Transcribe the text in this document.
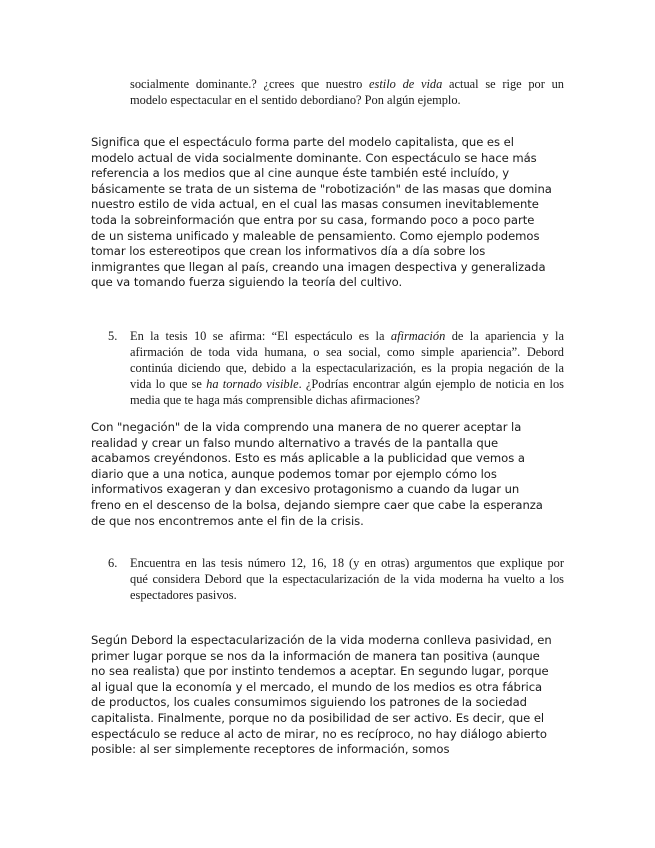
socialmente dominante.? ¿crees que nuestro estilo de vida actual se rige por un
modelo espectacular en el sentido debordiano? Pon algún ejemplo.
Significa que el espectáculo forma parte del modelo capitalista, que es el
modelo actual de vida socialmente dominante. Con espectáculo se hace más
referencia a los medios que al cine aunque éste también esté incluído, y
básicamente se trata de un sistema de "robotización" de las masas que domina
nuestro estilo de vida actual, en el cual las masas consumen inevitablemente
toda la sobreinformación que entra por su casa, formando poco a poco parte
de un sistema unificado y maleable de pensamiento. Como ejemplo podemos
tomar los estereotipos que crean los informativos día a día sobre los
inmigrantes que llegan al país, creando una imagen despectiva y generalizada
que va tomando fuerza siguiendo la teoría del cultivo.
5. En la tesis 10 se afirma: “El espectáculo es la afirmación de la apariencia y la
afirmación de toda vida humana, o sea social, como simple apariencia”. Debord
continúa diciendo que, debido a la espectacularización, es la propia negación de la
vida lo que se ha tornado visible. ¿Podrías encontrar algún ejemplo de noticia en los
media que te haga más comprensible dichas afirmaciones?
Con "negación" de la vida comprendo una manera de no querer aceptar la
realidad y crear un falso mundo alternativo a través de la pantalla que
acabamos creyéndonos. Esto es más aplicable a la publicidad que vemos a
diario que a una notica, aunque podemos tomar por ejemplo cómo los
informativos exageran y dan excesivo protagonismo a cuando da lugar un
freno en el descenso de la bolsa, dejando siempre caer que cabe la esperanza
de que nos encontremos ante el fin de la crisis.
6. Encuentra en las tesis número 12, 16, 18 (y en otras) argumentos que explique por
qué considera Debord que la espectacularización de la vida moderna ha vuelto a los
espectadores pasivos.
Según Debord la espectacularización de la vida moderna conlleva pasividad, en
primer lugar porque se nos da la información de manera tan positiva (aunque
no sea realista) que por instinto tendemos a aceptar. En segundo lugar, porque
al igual que la economía y el mercado, el mundo de los medios es otra fábrica
de productos, los cuales consumimos siguiendo los patrones de la sociedad
capitalista. Finalmente, porque no da posibilidad de ser activo. Es decir, que el
espectáculo se reduce al acto de mirar, no es recíproco, no hay diálogo abierto
posible: al ser simplemente receptores de información, somos
